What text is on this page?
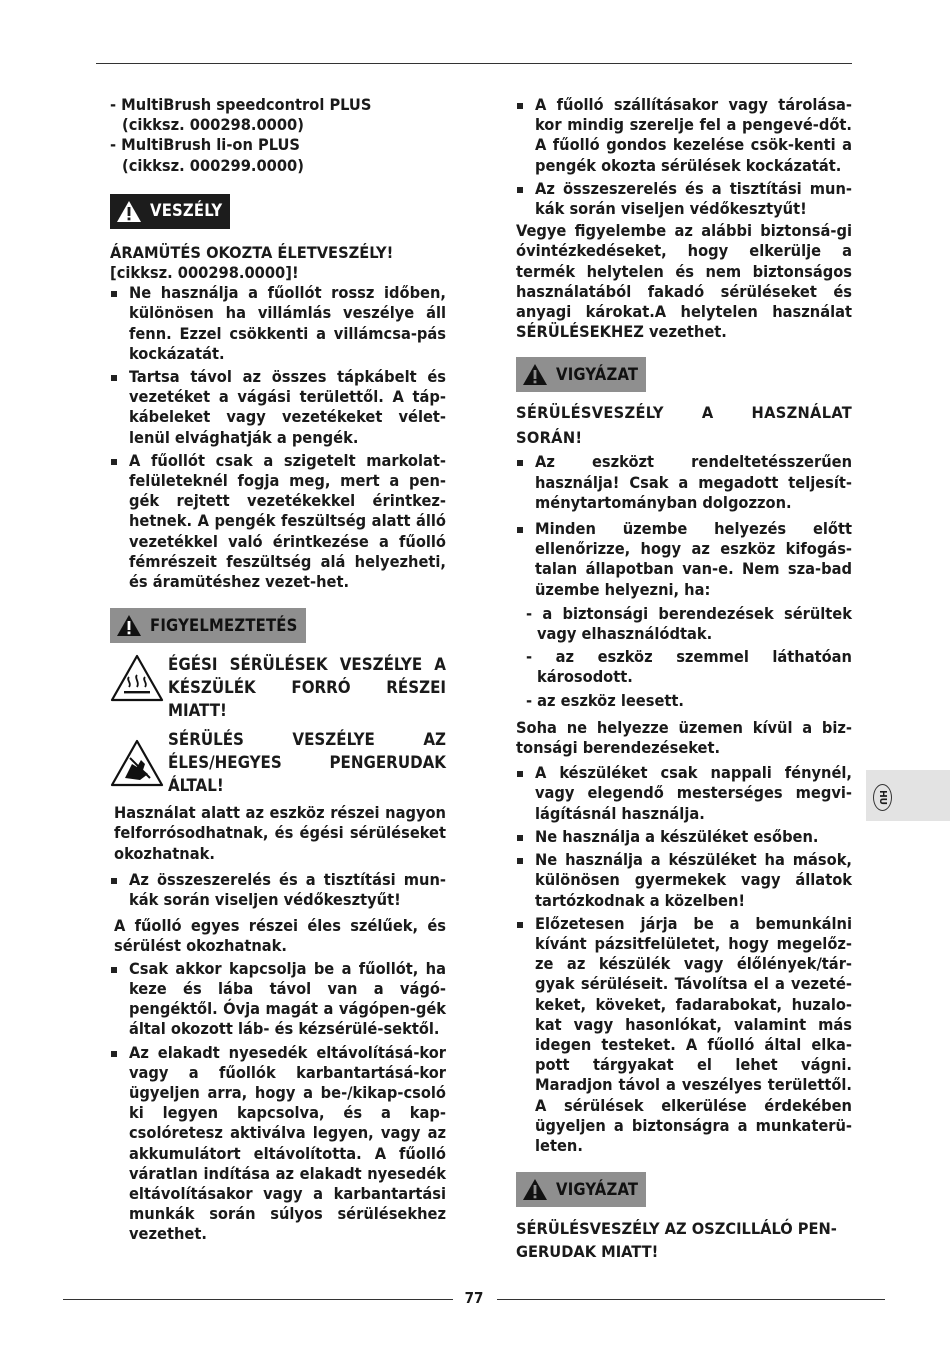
- MultiBrush speedcontrol PLUS

(cikksz. 000298.0000)

- MultiBrush li-on PLUS

(cikksz. 000299.0000)

VESZÉLY

ÁRAMÜTÉS OKOZTA ÉLETVESZÉLY!

[cikksz. 000298.0000]!

Ne használja a fűollót rossz időben, különösen ha villámlás veszélye áll fenn. Ezzel csökkenti a villámcsa-pás kockázatát.
Tartsa távol az összes tápkábelt és vezetéket a vágási területtől. A táp-kábeleket vagy vezetékeket vélet-lenül elvághatják a pengék.
A fűollót csak a szigetelt markolat-felületeknél fogja meg, mert a pen-gék rejtett vezetékekkel érintkez-hetnek. A pengék feszültség alatt álló vezetékkel való érintkezése a fűolló fémrészeit feszültség alá helyezheti, és áramütéshez vezet-het.
FIGYELMEZTETÉS

ÉGÉSI SÉRÜLÉSEK VESZÉLYE A KÉSZÜLÉK FORRÓ RÉSZEI MIATT!

SÉRÜLÉS VESZÉLYE AZ ÉLES/HEGYES PENGERUDAK ÁLTAL!

Használat alatt az eszköz részei nagyon felforrósodhatnak, és égési sérüléseket okozhatnak.

Az összeszerelés és a tisztítási mun-kák során viseljen védőkesztyűt!

A fűolló egyes részei éles szélűek, és sérülést okozhatnak.

Csak akkor kapcsolja be a fűollót, ha keze és lába távol van a vágó-pengéktől. Óvja magát a vágópen-gék által okozott láb- és kézsérülé-sektől.
Az elakadt nyesedék eltávolításá-kor vagy a fűollók karbantartásá-kor ügyeljen arra, hogy a be-/kikap-csoló ki legyen kapcsolva, és a kap-csolóretesz aktiválva legyen, vagy az akkumulátort eltávolította. A fűolló váratlan indítása az elakadt nyesedék eltávolításakor vagy a karbantartási munkák során súlyos sérülésekhez vezethet.
A fűolló szállításakor vagy tárolása-kor mindig szerelje fel a pengevé-dőt. A fűolló gondos kezelése csök-kenti a pengék okozta sérülések kockázatát.
Az összeszerelés és a tisztítási mun-kák során viseljen védőkesztyűt!

Vegye figyelembe az alábbi biztonsá-gi óvintézkedéseket, hogy elkerülje a termék helytelen és nem biztonságos használatából fakadó sérüléseket és anyagi károkat.A helytelen használat SÉRÜLÉSEKHEZ vezethet.

VIGYÁZAT

SÉRÜLÉSVESZÉLY A HASZNÁLAT SORÁN!

Az eszközt rendeltetésszerűen használja! Csak a megadott teljesít-ménytartományban dolgozzon.
Minden üzembe helyezés előtt ellenőrizze, hogy az eszköz kifogás-talan állapotban van-e. Nem sza-bad üzembe helyezni, ha:

- a biztonsági berendezések sérültek vagy elhasználódtak.

- az eszköz szemmel láthatóan károsodott.

- az eszköz leesett.

Soha ne helyezze üzemen kívül a biz-tonsági berendezéseket.

A készüléket csak nappali fénynél, vagy elegendő mesterséges megvi-lágításnál használja.
Ne használja a készüléket esőben.
Ne használja a készüléket ha mások, különösen gyermekek vagy állatok tartózkodnak a közelben!
Előzetesen járja be a bemunkálni kívánt pázsitfelületet, hogy megelőz-ze az készülék vagy élőlények/tár-gyak sérüléseit. Távolítsa el a vezeté-keket, köveket, fadarabokat, huzalo-kat vagy hasonlókat, valamint más idegen testeket. A fűolló által elka-pott tárgyakat el lehet vágni. Maradjon távol a veszélyes területtől. A sérülések elkerülése érdekében ügyeljen a biztonságra a munkaterü-leten.
VIGYÁZAT

SÉRÜLÉSVESZÉLY AZ OSZCILLÁLÓ PEN-GERUDAK MIATT!

HU
77
